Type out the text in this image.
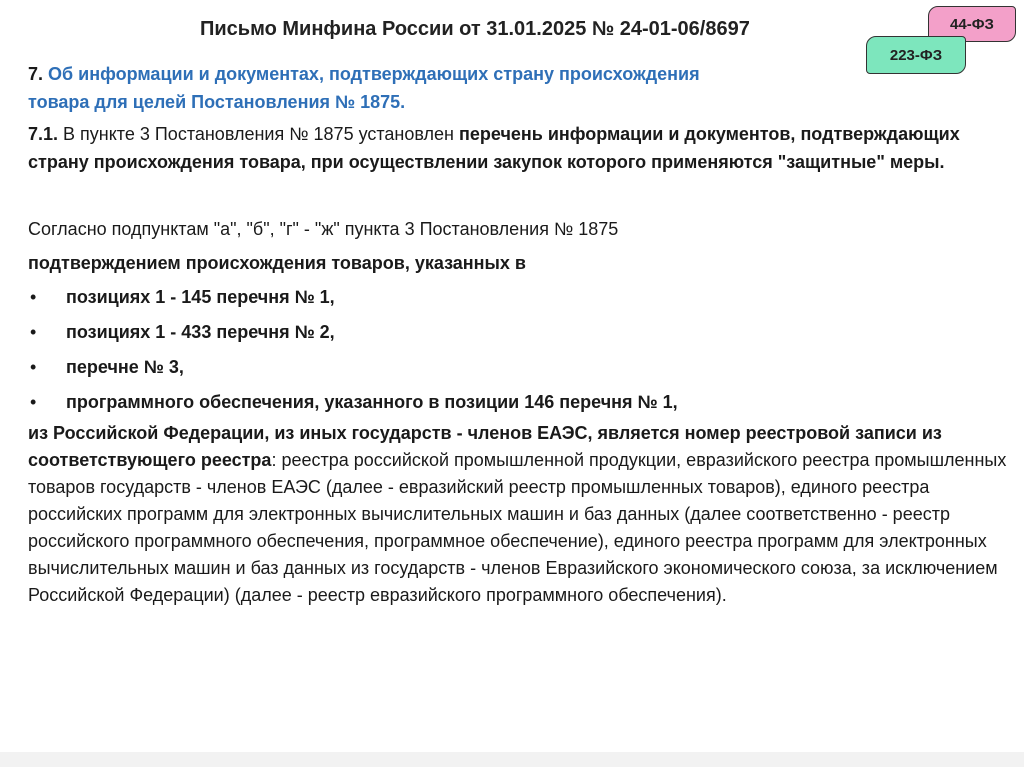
Письмо Минфина России от 31.01.2025 № 24-01-06/8697	44-ФЗ
223-ФЗ

7. Об информации и документах, подтверждающих страну происхождения
товара для целей Постановления № 1875.

7.1. В пункте 3 Постановления № 1875 установлен перечень информации и документов, подтверждающих страну происхождения товара, при осуществлении закупок которого применяются "защитные" меры.

Согласно подпунктам "а", "б", "г" - "ж" пункта 3 Постановления № 1875

подтверждением происхождения товаров, указанных в

• позициях 1 - 145 перечня № 1,
• позициях 1 - 433 перечня № 2,
• перечне № 3,
• программного обеспечения, указанного в позиции 146 перечня № 1,

из Российской Федерации, из иных государств - членов ЕАЭС, является номер реестровой записи из соответствующего реестра: реестра российской промышленной продукции, евразийского реестра промышленных товаров государств - членов ЕАЭС (далее - евразийский реестр промышленных товаров), единого реестра российских программ для электронных вычислительных машин и баз данных (далее соответственно - реестр российского программного обеспечения, программное обеспечение), единого реестра программ для электронных вычислительных машин и баз данных из государств - членов Евразийского экономического союза, за исключением Российской Федерации) (далее - реестр евразийского программного обеспечения).
